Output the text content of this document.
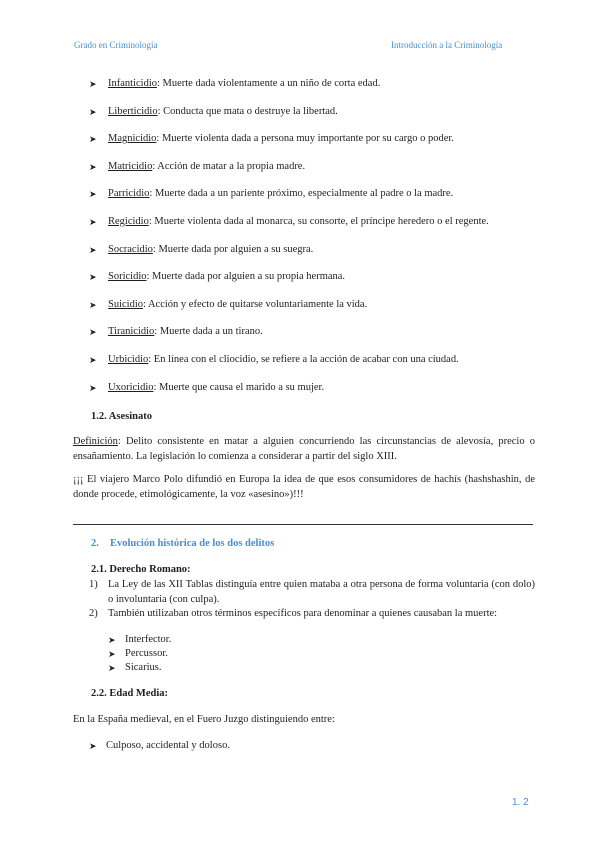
Grado en Criminología	Introducción a la Criminología
➤	Infanticidio: Muerte dada violentamente a un niño de corta edad.
➤	Liberticidio: Conducta que mata o destruye la libertad.
➤	Magnicidio: Muerte violenta dada a persona muy importante por su cargo o poder.
➤	Matricidio: Acción de matar a la propia madre.
➤	Parricidio: Muerte dada a un pariente próximo, especialmente al padre o la madre.
➤	Regicidio: Muerte violenta dada al monarca, su consorte, el príncipe heredero o el regente.
➤	Socracidio: Muerte dada por alguien a su suegra.
➤	Soricidio: Muerte dada por alguien a su propia hermana.
➤	Suicidio: Acción y efecto de quitarse voluntariamente la vida.
➤	Tiranicidio: Muerte dada a un tirano.
➤	Urbicidio: En línea con el cliocidio, se refiere a la acción de acabar con una ciudad.
➤	Uxoricidio: Muerte que causa el marido a su mujer.
1.2. Asesinato

Definición: Delito consistente en matar a alguien concurriendo las circunstancias de alevosía, precio o ensañamiento. La legislación lo comienza a considerar a partir del siglo XIII.

¡¡¡ El viajero Marco Polo difundió en Europa la idea de que esos consumidores de hachís (hashshashin, de donde procede, etimológicamente, la voz «asesino»)!!!

2. Evolución histórica de los dos delitos
2.1. Derecho Romano:
1) La Ley de las XII Tablas distinguía entre quien mataba a otra persona de forma voluntaria (con dolo) o involuntaria (con culpa).
2) También utilizaban otros términos específicos para denominar a quienes causaban la muerte:
➤ Interfector.
➤ Percussor.
➤ Sicarius.
2.2. Edad Media:

En la España medieval, en el Fuero Juzgo distinguiendo entre:

➤ Culposo, accidental y doloso.
1. 2
